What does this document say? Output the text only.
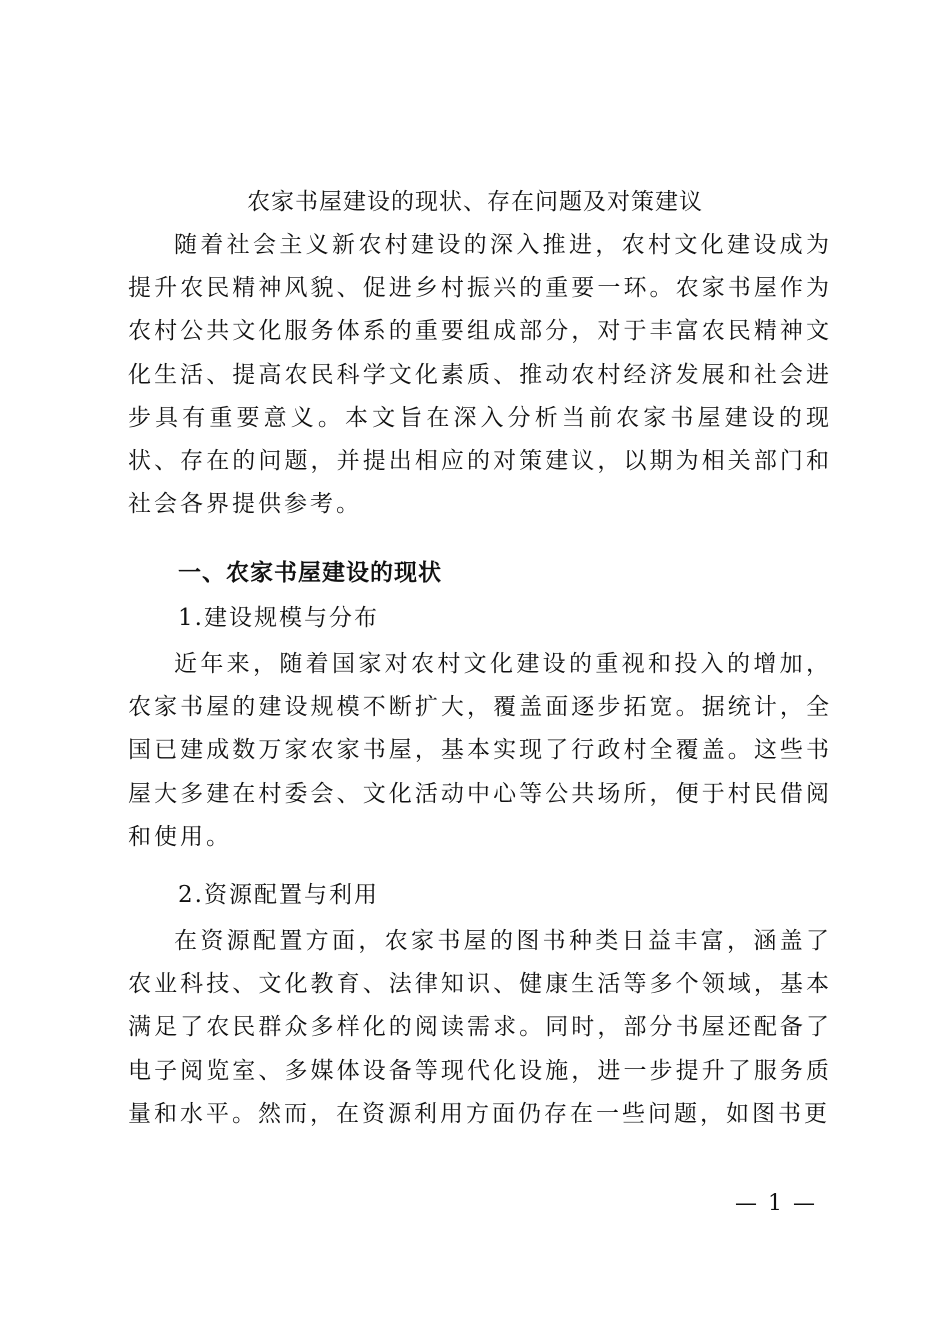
农家书屋建设的现状、存在问题及对策建议

随着社会主义新农村建设的深入推进，农村文化建设成为提升农民精神风貌、促进乡村振兴的重要一环。农家书屋作为农村公共文化服务体系的重要组成部分，对于丰富农民精神文化生活、提高农民科学文化素质、推动农村经济发展和社会进步具有重要意义。本文旨在深入分析当前农家书屋建设的现状、存在的问题，并提出相应的对策建议，以期为相关部门和社会各界提供参考。

一、农家书屋建设的现状
1.建设规模与分布

近年来，随着国家对农村文化建设的重视和投入的增加，农家书屋的建设规模不断扩大，覆盖面逐步拓宽。据统计，全国已建成数万家农家书屋，基本实现了行政村全覆盖。这些书屋大多建在村委会、文化活动中心等公共场所，便于村民借阅和使用。

2.资源配置与利用

在资源配置方面，农家书屋的图书种类日益丰富，涵盖了农业科技、文化教育、法律知识、健康生活等多个领域，基本满足了农民群众多样化的阅读需求。同时，部分书屋还配备了电子阅览室、多媒体设备等现代化设施，进一步提升了服务质量和水平。然而，在资源利用方面仍存在一些问题，如图书更

— 1 —
